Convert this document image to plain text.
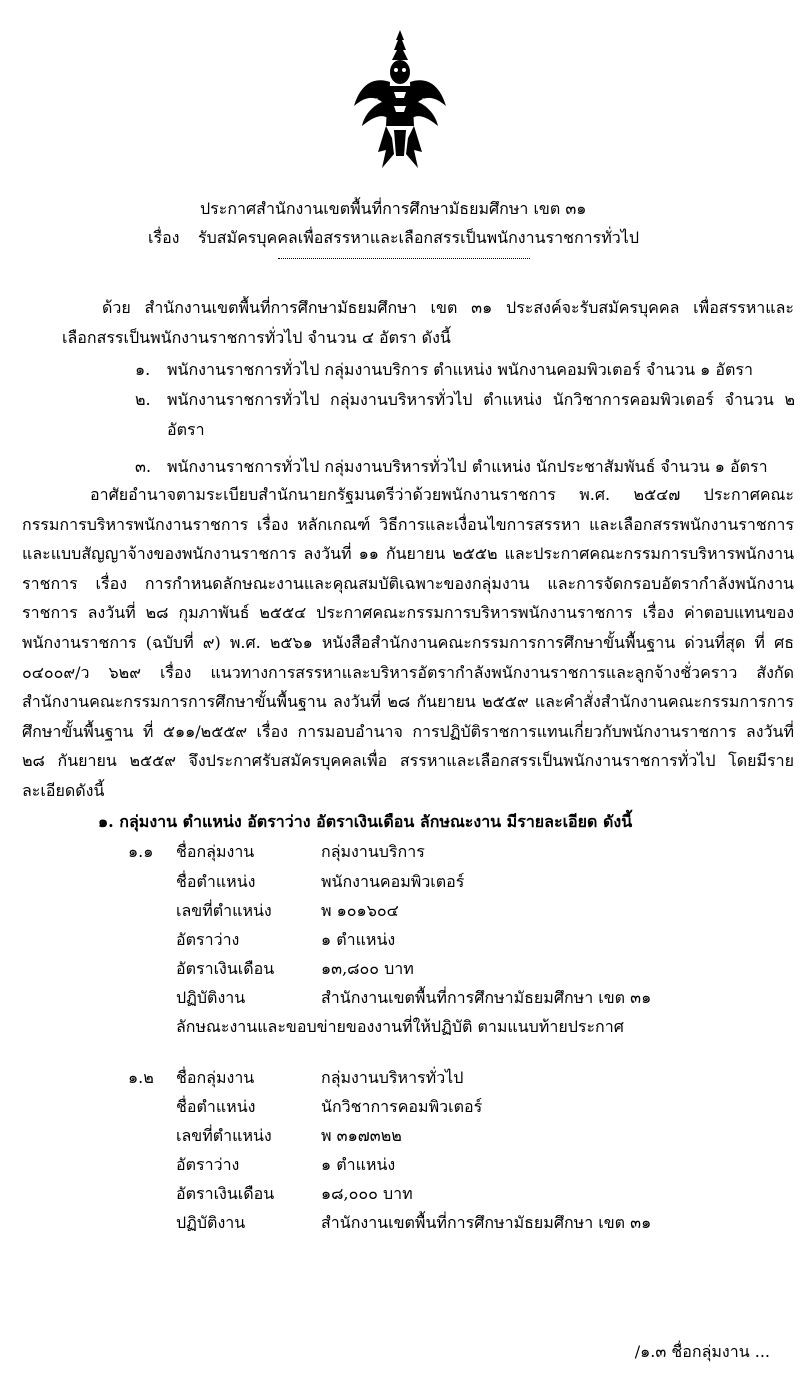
ประกาศสำนักงานเขตพื้นที่การศึกษามัธยมศึกษา เขต ๓๑
เรื่อง รับสมัครบุคคลเพื่อสรรหาและเลือกสรรเป็นพนักงานราชการทั่วไป
ด้วย สำนักงานเขตพื้นที่การศึกษามัธยมศึกษา เขต ๓๑ ประสงค์จะรับสมัครบุคคล เพื่อสรรหาและเลือกสรรเป็นพนักงานราชการทั่วไป จำนวน ๔ อัตรา ดังนี้
๑. พนักงานราชการทั่วไป กลุ่มงานบริการ ตำแหน่ง พนักงานคอมพิวเตอร์ จำนวน ๑ อัตรา
๒. พนักงานราชการทั่วไป กลุ่มงานบริหารทั่วไป ตำแหน่ง นักวิชาการคอมพิวเตอร์ จำนวน ๒ อัตรา
๓. พนักงานราชการทั่วไป กลุ่มงานบริหารทั่วไป ตำแหน่ง นักประชาสัมพันธ์ จำนวน ๑ อัตรา
อาศัยอำนาจตามระเบียบสำนักนายกรัฐมนตรีว่าด้วยพนักงานราชการ พ.ศ. ๒๕๔๗ ประกาศคณะกรรมการบริหารพนักงานราชการ เรื่อง หลักเกณฑ์ วิธีการและเงื่อนไขการสรรหา และเลือกสรรพนักงานราชการและแบบสัญญาจ้างของพนักงานราชการ ลงวันที่ ๑๑ กันยายน ๒๕๕๒ และประกาศคณะกรรมการบริหารพนักงานราชการ เรื่อง การกำหนดลักษณะงานและคุณสมบัติเฉพาะของกลุ่มงาน และการจัดกรอบอัตรากำลังพนักงานราชการ ลงวันที่ ๒๘ กุมภาพันธ์ ๒๕๕๔ ประกาศคณะกรรมการบริหารพนักงานราชการ เรื่อง ค่าตอบแทนของพนักงานราชการ (ฉบับที่ ๙) พ.ศ. ๒๕๖๑ หนังสือสำนักงานคณะกรรมการการศึกษาขั้นพื้นฐาน ด่วนที่สุด ที่ ศธ ๐๔๐๐๙/ว ๖๒๙ เรื่อง แนวทางการสรรหาและบริหารอัตรากำลังพนักงานราชการและลูกจ้างชั่วคราว สังกัดสำนักงานคณะกรรมการการศึกษาขั้นพื้นฐาน ลงวันที่ ๒๘ กันยายน ๒๕๕๙ และคำสั่งสำนักงานคณะกรรมการการศึกษาขั้นพื้นฐาน ที่ ๕๑๑/๒๕๕๙ เรื่อง การมอบอำนาจ การปฏิบัติราชการแทนเกี่ยวกับพนักงานราชการ ลงวันที่ ๒๘ กันยายน ๒๕๕๙ จึงประกาศรับสมัครบุคคลเพื่อ สรรหาและเลือกสรรเป็นพนักงานราชการทั่วไป โดยมีรายละเอียดดังนี้
๑. กลุ่มงาน ตำแหน่ง อัตราว่าง อัตราเงินเดือน ลักษณะงาน มีรายละเอียด ดังนี้
๑.๑ ชื่อกลุ่มงาน	กลุ่มงานบริการ
ชื่อตำแหน่ง	พนักงานคอมพิวเตอร์
เลขที่ตำแหน่ง	พ ๑๐๑๖๐๔
อัตราว่าง	๑ ตำแหน่ง
อัตราเงินเดือน	๑๓,๘๐๐ บาท
ปฏิบัติงาน	สำนักงานเขตพื้นที่การศึกษามัธยมศึกษา เขต ๓๑
ลักษณะงานและขอบข่ายของงานที่ให้ปฏิบัติ ตามแนบท้ายประกาศ
๑.๒ ชื่อกลุ่มงาน	กลุ่มงานบริหารทั่วไป
ชื่อตำแหน่ง	นักวิชาการคอมพิวเตอร์
เลขที่ตำแหน่ง	พ ๓๑๗๓๒๒
อัตราว่าง	๑ ตำแหน่ง
อัตราเงินเดือน	๑๘,๐๐๐ บาท
ปฏิบัติงาน	สำนักงานเขตพื้นที่การศึกษามัธยมศึกษา เขต ๓๑
/๑.๓ ชื่อกลุ่มงาน ...
